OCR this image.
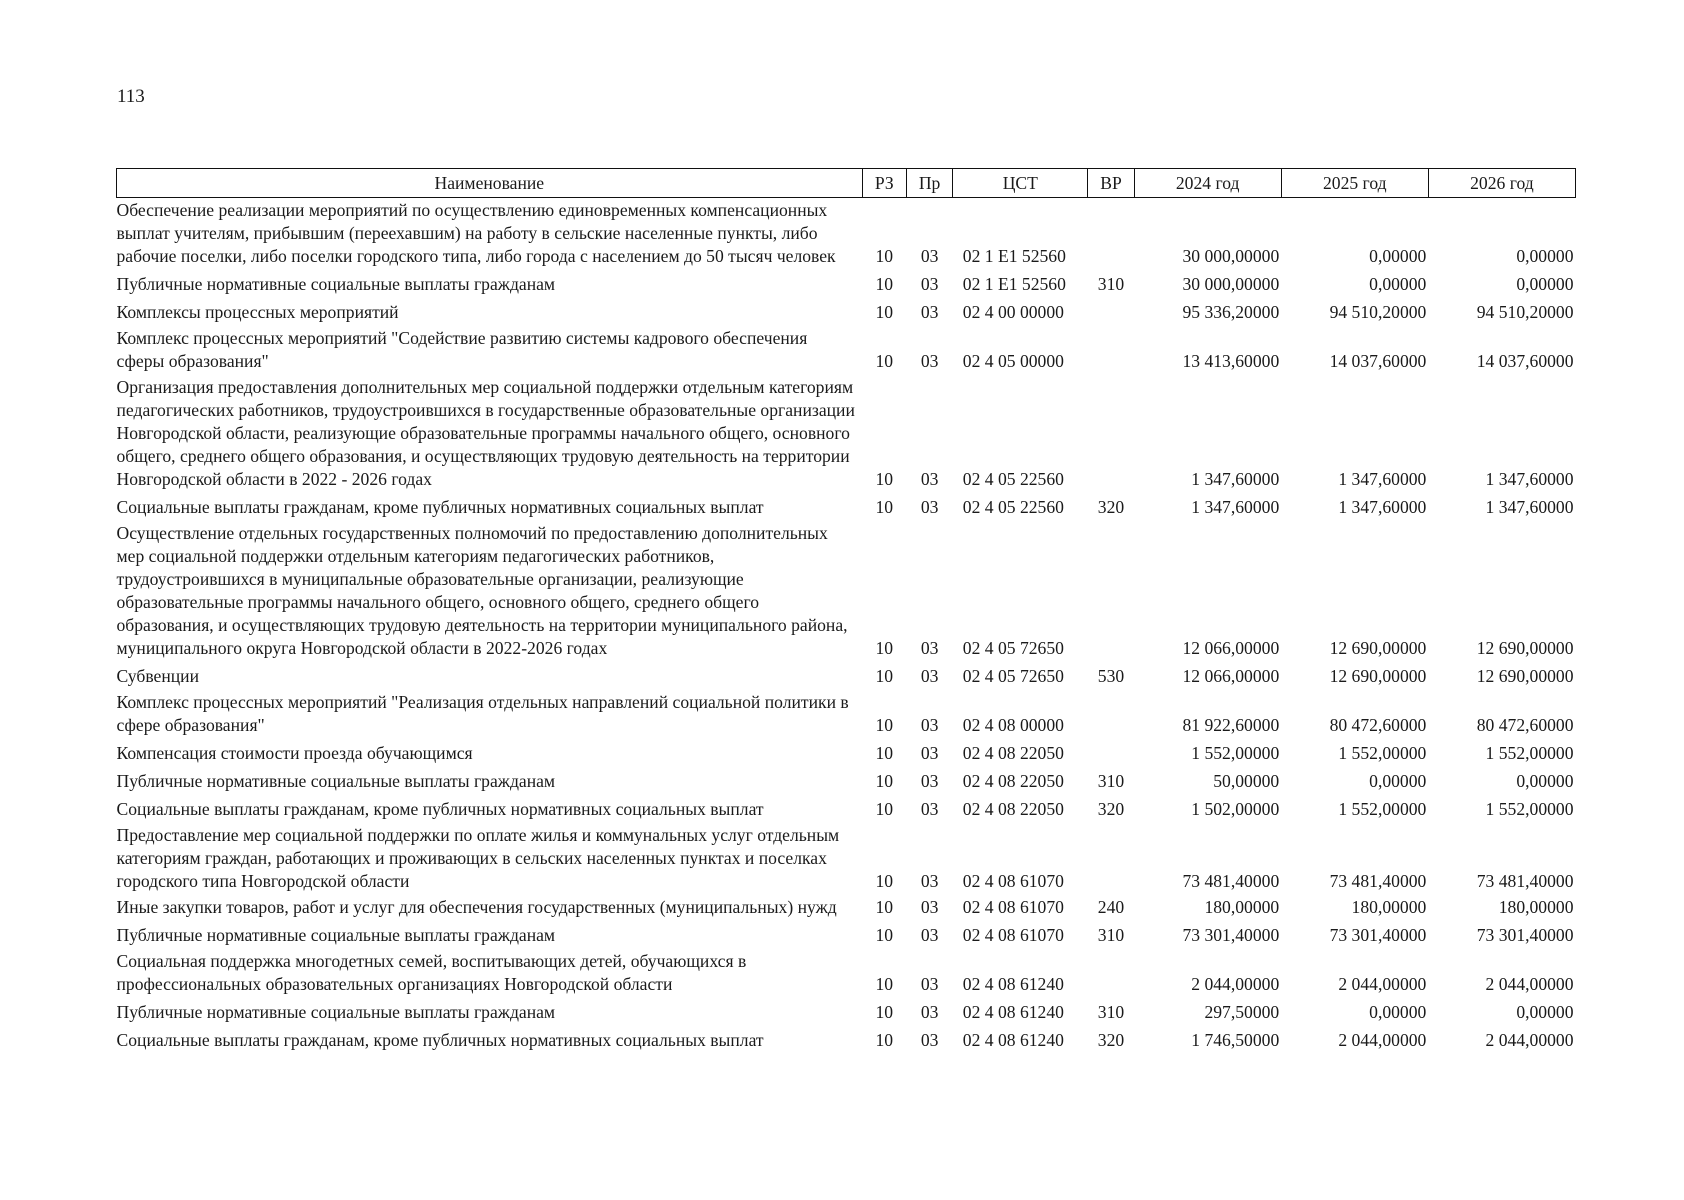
113
Наименование	РЗ	Пр	ЦСТ	ВР	2024 год	2025 год	2026 год
Обеспечение реализации мероприятий по осуществлению единовременных компенсационных выплат учителям, прибывшим (переехавшим) на работу в сельские населенные пункты, либо рабочие поселки, либо поселки городского типа, либо города с населением до 50 тысяч человек	10	03	02 1 E1 52560		30 000,00000	0,00000	0,00000
Публичные нормативные социальные выплаты гражданам	10	03	02 1 E1 52560	310	30 000,00000	0,00000	0,00000
Комплексы процессных мероприятий	10	03	02 4 00 00000		95 336,20000	94 510,20000	94 510,20000
Комплекс процессных мероприятий "Содействие развитию системы кадрового обеспечения сферы образования"	10	03	02 4 05 00000		13 413,60000	14 037,60000	14 037,60000
Организация предоставления дополнительных мер социальной поддержки отдельным категориям педагогических работников, трудоустроившихся в государственные образовательные организации Новгородской области, реализующие образовательные программы начального общего, основного общего, среднего общего образования, и осуществляющих трудовую деятельность на территории Новгородской области в 2022 - 2026 годах	10	03	02 4 05 22560		1 347,60000	1 347,60000	1 347,60000
Социальные выплаты гражданам, кроме публичных нормативных социальных выплат	10	03	02 4 05 22560	320	1 347,60000	1 347,60000	1 347,60000
Осуществление отдельных государственных полномочий по предоставлению дополнительных мер социальной поддержки отдельным категориям педагогических работников, трудоустроившихся в муниципальные образовательные организации, реализующие образовательные программы начального общего, основного общего, среднего общего образования, и осуществляющих трудовую деятельность на территории муниципального района, муниципального округа Новгородской области в 2022-2026 годах	10	03	02 4 05 72650		12 066,00000	12 690,00000	12 690,00000
Субвенции	10	03	02 4 05 72650	530	12 066,00000	12 690,00000	12 690,00000
Комплекс процессных мероприятий "Реализация отдельных направлений социальной политики в сфере образования"	10	03	02 4 08 00000		81 922,60000	80 472,60000	80 472,60000
Компенсация стоимости проезда обучающимся	10	03	02 4 08 22050		1 552,00000	1 552,00000	1 552,00000
Публичные нормативные социальные выплаты гражданам	10	03	02 4 08 22050	310	50,00000	0,00000	0,00000
Социальные выплаты гражданам, кроме публичных нормативных социальных выплат	10	03	02 4 08 22050	320	1 502,00000	1 552,00000	1 552,00000
Предоставление мер социальной поддержки по оплате жилья и коммунальных услуг отдельным категориям граждан, работающих и проживающих в сельских населенных пунктах и поселках городского типа Новгородской области	10	03	02 4 08 61070		73 481,40000	73 481,40000	73 481,40000
Иные закупки товаров, работ и услуг для обеспечения государственных (муниципальных) нужд	10	03	02 4 08 61070	240	180,00000	180,00000	180,00000
Публичные нормативные социальные выплаты гражданам	10	03	02 4 08 61070	310	73 301,40000	73 301,40000	73 301,40000
Социальная поддержка многодетных семей, воспитывающих детей, обучающихся в профессиональных образовательных организациях Новгородской области	10	03	02 4 08 61240		2 044,00000	2 044,00000	2 044,00000
Публичные нормативные социальные выплаты гражданам	10	03	02 4 08 61240	310	297,50000	0,00000	0,00000
Социальные выплаты гражданам, кроме публичных нормативных социальных выплат	10	03	02 4 08 61240	320	1 746,50000	2 044,00000	2 044,00000
